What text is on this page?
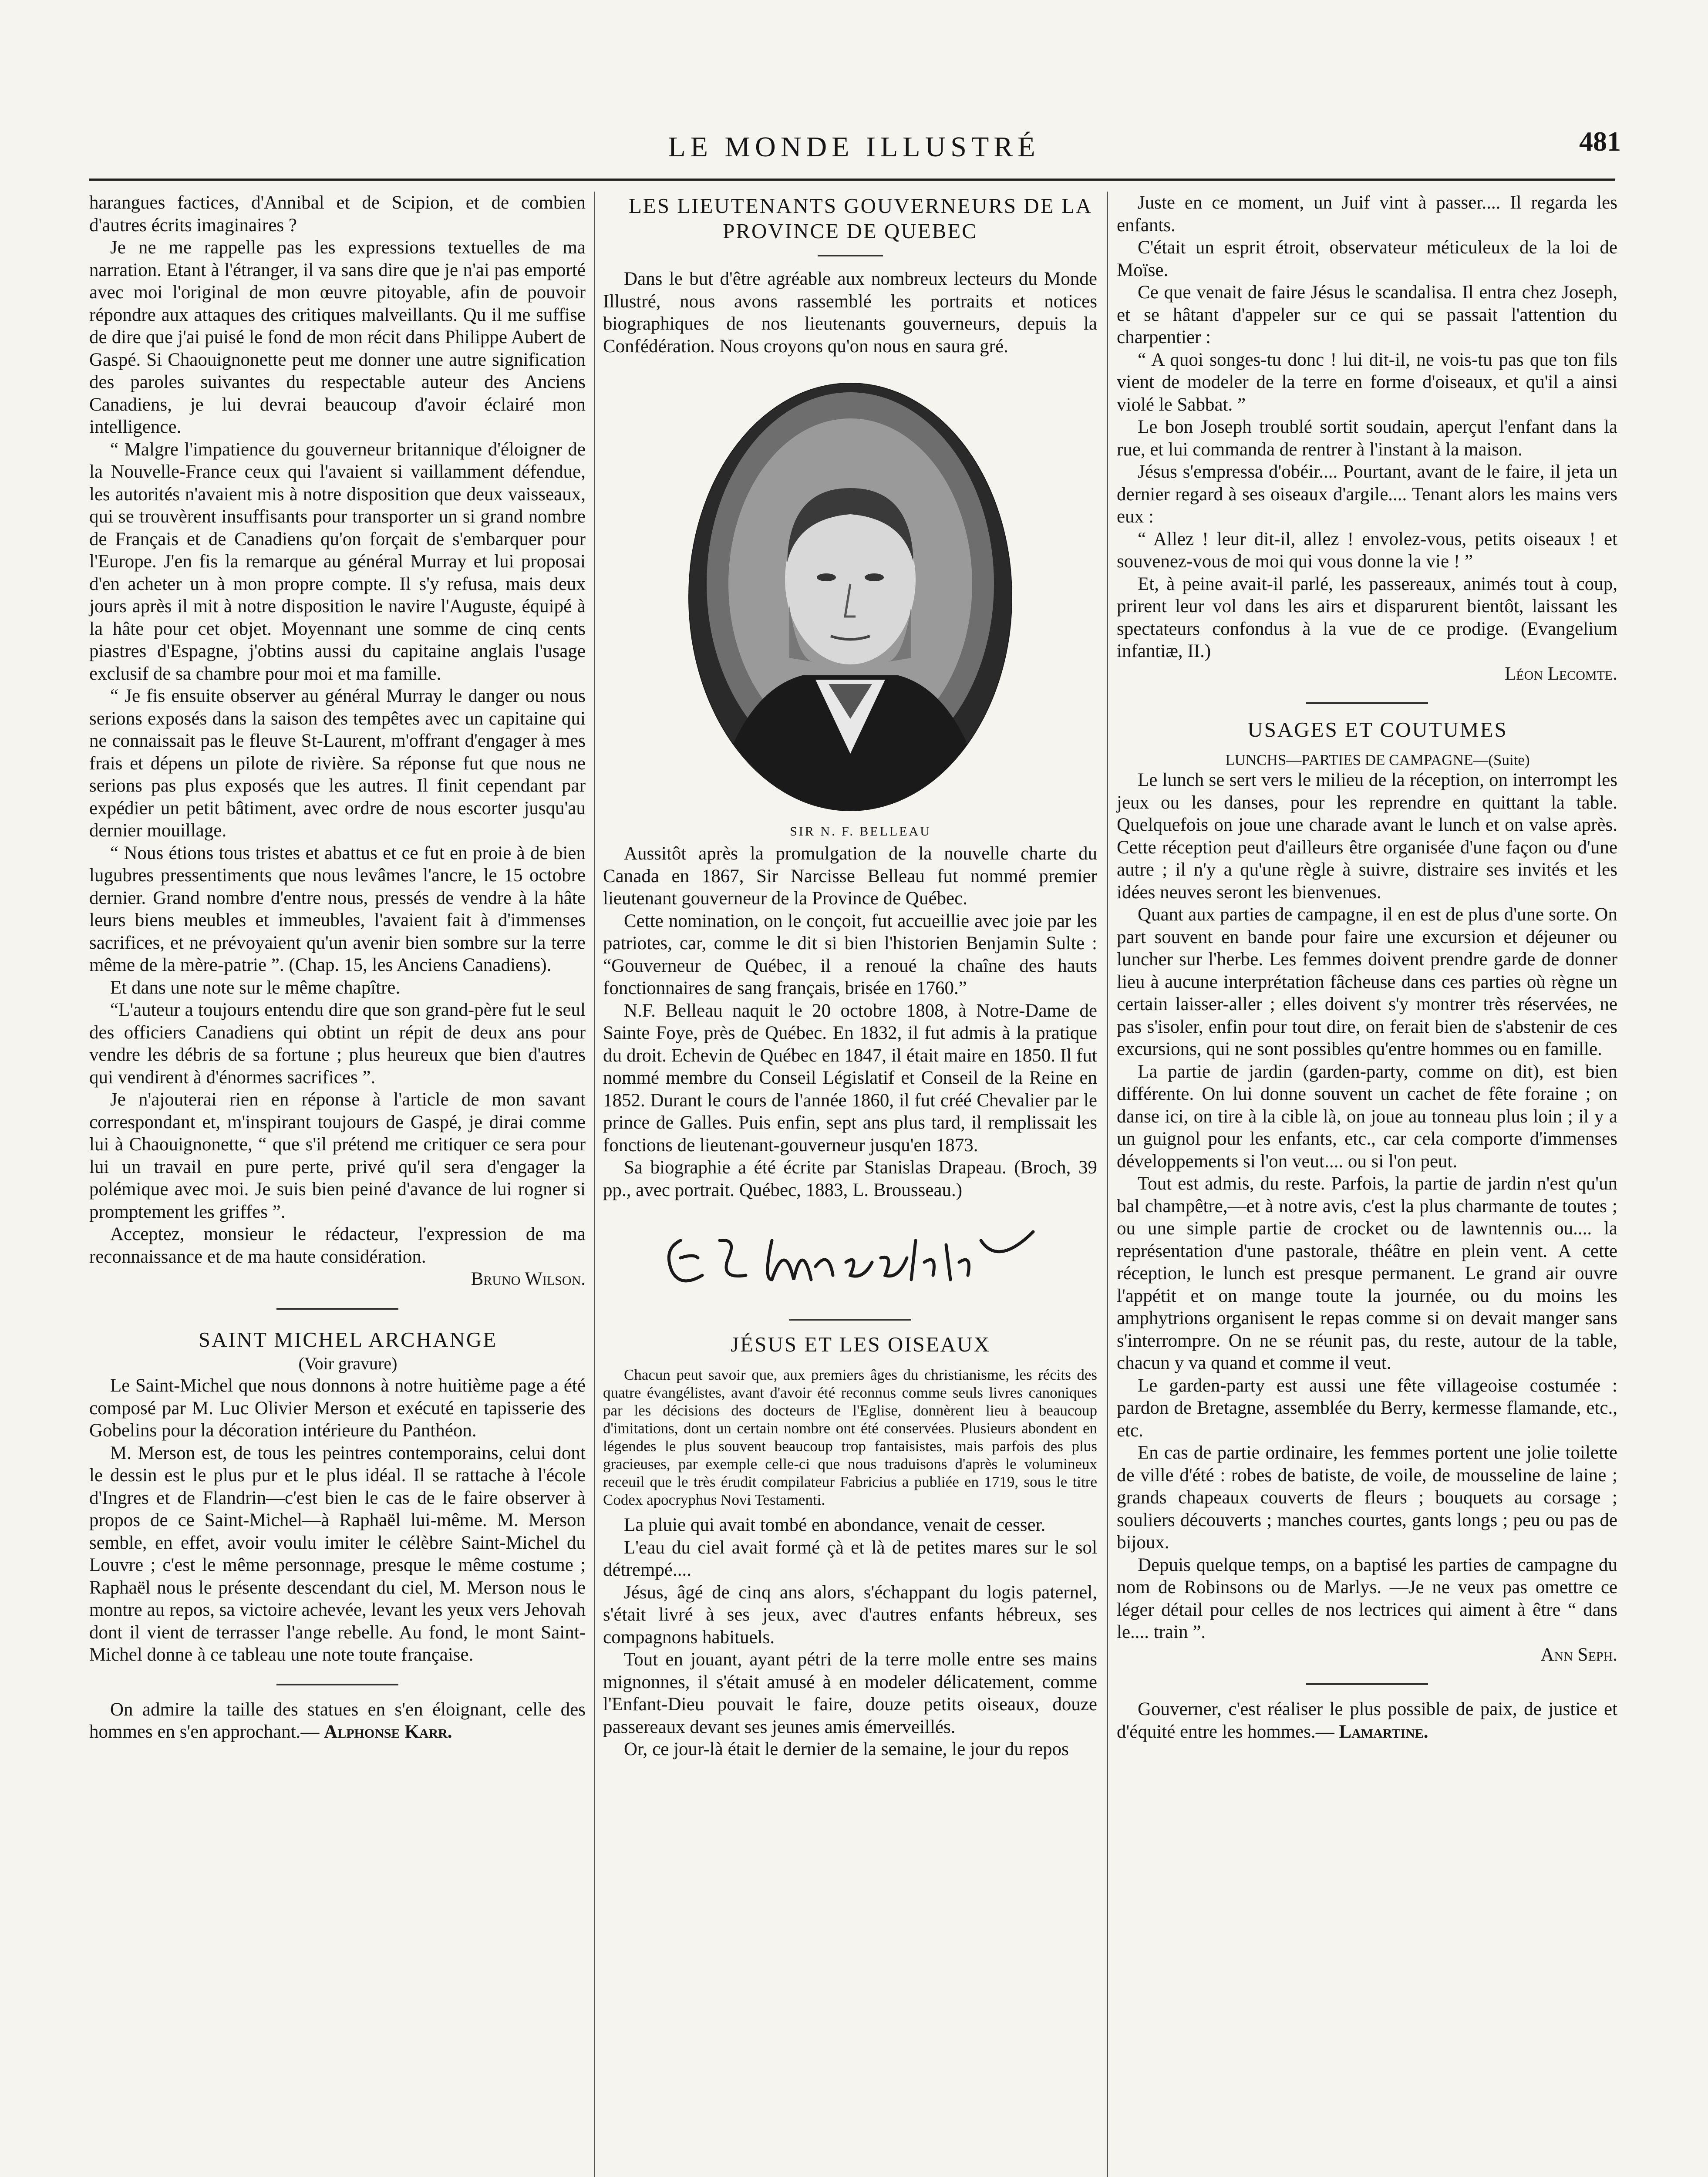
LE MONDE ILLUSTRÉ	481

harangues factices, d'Annibal et de Scipion, et de combien d'autres écrits imaginaires ?

Je ne me rappelle pas les expressions textuelles de ma narration. Etant à l'étranger, il va sans dire que je n'ai pas emporté avec moi l'original de mon œuvre pitoyable, afin de pouvoir répondre aux attaques des critiques malveillants. Qu il me suffise de dire que j'ai puisé le fond de mon récit dans Philippe Aubert de Gaspé. Si Chaouignonette peut me donner une autre signification des paroles suivantes du respectable auteur des Anciens Canadiens, je lui devrai beaucoup d'avoir éclairé mon intelligence.

“ Malgre l'impatience du gouverneur britannique d'éloigner de la Nouvelle-France ceux qui l'avaient si vaillamment défendue, les autorités n'avaient mis à notre disposition que deux vaisseaux, qui se trouvèrent insuffisants pour transporter un si grand nombre de Français et de Canadiens qu'on forçait de s'embarquer pour l'Europe. J'en fis la remarque au général Murray et lui proposai d'en acheter un à mon propre compte. Il s'y refusa, mais deux jours après il mit à notre disposition le navire l'Auguste, équipé à la hâte pour cet objet. Moyennant une somme de cinq cents piastres d'Espagne, j'obtins aussi du capitaine anglais l'usage exclusif de sa chambre pour moi et ma famille.

“ Je fis ensuite observer au général Murray le danger ou nous serions exposés dans la saison des tempêtes avec un capitaine qui ne connaissait pas le fleuve St-Laurent, m'offrant d'engager à mes frais et dépens un pilote de rivière. Sa réponse fut que nous ne serions pas plus exposés que les autres. Il finit cependant par expédier un petit bâtiment, avec ordre de nous escorter jusqu'au dernier mouillage.

“ Nous étions tous tristes et abattus et ce fut en proie à de bien lugubres pressentiments que nous levâmes l'ancre, le 15 octobre dernier. Grand nombre d'entre nous, pressés de vendre à la hâte leurs biens meubles et immeubles, l'avaient fait à d'immenses sacrifices, et ne prévoyaient qu'un avenir bien sombre sur la terre même de la mère-patrie ”. (Chap. 15, les Anciens Canadiens).

Et dans une note sur le même chapître.

“L'auteur a toujours entendu dire que son grand-père fut le seul des officiers Canadiens qui obtint un répit de deux ans pour vendre les débris de sa fortune ; plus heureux que bien d'autres qui vendirent à d'énormes sacrifices ”.

Je n'ajouterai rien en réponse à l'article de mon savant correspondant et, m'inspirant toujours de Gaspé, je dirai comme lui à Chaouignonette, “ que s'il prétend me critiquer ce sera pour lui un travail en pure perte, privé qu'il sera d'engager la polémique avec moi. Je suis bien peiné d'avance de lui rogner si promptement les griffes ”.

Acceptez, monsieur le rédacteur, l'expression de ma reconnaissance et de ma haute considération.

Bruno Wilson.

SAINT MICHEL ARCHANGE

(Voir gravure)

Le Saint-Michel que nous donnons à notre huitième page a été composé par M. Luc Olivier Merson et exécuté en tapisserie des Gobelins pour la décoration intérieure du Panthéon.

M. Merson est, de tous les peintres contemporains, celui dont le dessin est le plus pur et le plus idéal. Il se rattache à l'école d'Ingres et de Flandrin—c'est bien le cas de le faire observer à propos de ce Saint-Michel—à Raphaël lui-même. M. Merson semble, en effet, avoir voulu imiter le célèbre Saint-Michel du Louvre ; c'est le même personnage, presque le même costume ; Raphaël nous le présente descendant du ciel, M. Merson nous le montre au repos, sa victoire achevée, levant les yeux vers Jehovah dont il vient de terrasser l'ange rebelle. Au fond, le mont Saint-Michel donne à ce tableau une note toute française.

On admire la taille des statues en s'en éloignant, celle des hommes en s'en approchant.— Alphonse Karr.

LES LIEUTENANTS GOUVERNEURS DE LA PROVINCE DE QUEBEC

Dans le but d'être agréable aux nombreux lecteurs du Monde Illustré, nous avons rassemblé les portraits et notices biographiques de nos lieutenants gouverneurs, depuis la Confédération. Nous croyons qu'on nous en saura gré.

SIR N. F. BELLEAU

Aussitôt après la promulgation de la nouvelle charte du Canada en 1867, Sir Narcisse Belleau fut nommé premier lieutenant gouverneur de la Province de Québec.

Cette nomination, on le conçoit, fut accueillie avec joie par les patriotes, car, comme le dit si bien l'historien Benjamin Sulte : “Gouverneur de Québec, il a renoué la chaîne des hauts fonctionnaires de sang français, brisée en 1760.”

N.F. Belleau naquit le 20 octobre 1808, à Notre-Dame de Sainte Foye, près de Québec. En 1832, il fut admis à la pratique du droit. Echevin de Québec en 1847, il était maire en 1850. Il fut nommé membre du Conseil Législatif et Conseil de la Reine en 1852. Durant le cours de l'année 1860, il fut créé Chevalier par le prince de Galles. Puis enfin, sept ans plus tard, il remplissait les fonctions de lieutenant-gouverneur jusqu'en 1873.

Sa biographie a été écrite par Stanislas Drapeau. (Broch, 39 pp., avec portrait. Québec, 1883, L. Brousseau.)

JÉSUS ET LES OISEAUX

Chacun peut savoir que, aux premiers âges du christianisme, les récits des quatre évangélistes, avant d'avoir été reconnus comme seuls livres canoniques par les décisions des docteurs de l'Eglise, donnèrent lieu à beaucoup d'imitations, dont un certain nombre ont été conservées. Plusieurs abondent en légendes le plus souvent beaucoup trop fantaisistes, mais parfois des plus gracieuses, par exemple celle-ci que nous traduisons d'après le volumineux receuil que le très érudit compilateur Fabricius a publiée en 1719, sous le titre Codex apocryphus Novi Testamenti.

La pluie qui avait tombé en abondance, venait de cesser.

L'eau du ciel avait formé çà et là de petites mares sur le sol détrempé....

Jésus, âgé de cinq ans alors, s'échappant du logis paternel, s'était livré à ses jeux, avec d'autres enfants hébreux, ses compagnons habituels.

Tout en jouant, ayant pétri de la terre molle entre ses mains mignonnes, il s'était amusé à en modeler délicatement, comme l'Enfant-Dieu pouvait le faire, douze petits oiseaux, douze passereaux devant ses jeunes amis émerveillés.

Or, ce jour-là était le dernier de la semaine, le jour du repos

Juste en ce moment, un Juif vint à passer.... Il regarda les enfants.

C'était un esprit étroit, observateur méticuleux de la loi de Moïse.

Ce que venait de faire Jésus le scandalisa. Il entra chez Joseph, et se hâtant d'appeler sur ce qui se passait l'attention du charpentier :

“ A quoi songes-tu donc ! lui dit-il, ne vois-tu pas que ton fils vient de modeler de la terre en forme d'oiseaux, et qu'il a ainsi violé le Sabbat. ”

Le bon Joseph troublé sortit soudain, aperçut l'enfant dans la rue, et lui commanda de rentrer à l'instant à la maison.

Jésus s'empressa d'obéir.... Pourtant, avant de le faire, il jeta un dernier regard à ses oiseaux d'argile.... Tenant alors les mains vers eux :

“ Allez ! leur dit-il, allez ! envolez-vous, petits oiseaux ! et souvenez-vous de moi qui vous donne la vie ! ”

Et, à peine avait-il parlé, les passereaux, animés tout à coup, prirent leur vol dans les airs et disparurent bientôt, laissant les spectateurs confondus à la vue de ce prodige. (Evangelium infantiæ, II.)

Léon Lecomte.

USAGES ET COUTUMES

LUNCHS—PARTIES DE CAMPAGNE—(Suite)

Le lunch se sert vers le milieu de la réception, on interrompt les jeux ou les danses, pour les reprendre en quittant la table. Quelquefois on joue une charade avant le lunch et on valse après. Cette réception peut d'ailleurs être organisée d'une façon ou d'une autre ; il n'y a qu'une règle à suivre, distraire ses invités et les idées neuves seront les bienvenues.

Quant aux parties de campagne, il en est de plus d'une sorte. On part souvent en bande pour faire une excursion et déjeuner ou luncher sur l'herbe. Les femmes doivent prendre garde de donner lieu à aucune interprétation fâcheuse dans ces parties où règne un certain laisser-aller ; elles doivent s'y montrer très réservées, ne pas s'isoler, enfin pour tout dire, on ferait bien de s'abstenir de ces excursions, qui ne sont possibles qu'entre hommes ou en famille.

La partie de jardin (garden-party, comme on dit), est bien différente. On lui donne souvent un cachet de fête foraine ; on danse ici, on tire à la cible là, on joue au tonneau plus loin ; il y a un guignol pour les enfants, etc., car cela comporte d'immenses développements si l'on veut.... ou si l'on peut.

Tout est admis, du reste. Parfois, la partie de jardin n'est qu'un bal champêtre,—et à notre avis, c'est la plus charmante de toutes ; ou une simple partie de crocket ou de lawntennis ou.... la représentation d'une pastorale, théâtre en plein vent. A cette réception, le lunch est presque permanent. Le grand air ouvre l'appétit et on mange toute la journée, ou du moins les amphytrions organisent le repas comme si on devait manger sans s'interrompre. On ne se réunit pas, du reste, autour de la table, chacun y va quand et comme il veut.

Le garden-party est aussi une fête villageoise costumée : pardon de Bretagne, assemblée du Berry, kermesse flamande, etc., etc.

En cas de partie ordinaire, les femmes portent une jolie toilette de ville d'été : robes de batiste, de voile, de mousseline de laine ; grands chapeaux couverts de fleurs ; bouquets au corsage ; souliers découverts ; manches courtes, gants longs ; peu ou pas de bijoux.

Depuis quelque temps, on a baptisé les parties de campagne du nom de Robinsons ou de Marlys. —Je ne veux pas omettre ce léger détail pour celles de nos lectrices qui aiment à être “ dans le.... train ”.

Ann Seph.

Gouverner, c'est réaliser le plus possible de paix, de justice et d'équité entre les hommes.— Lamartine.
